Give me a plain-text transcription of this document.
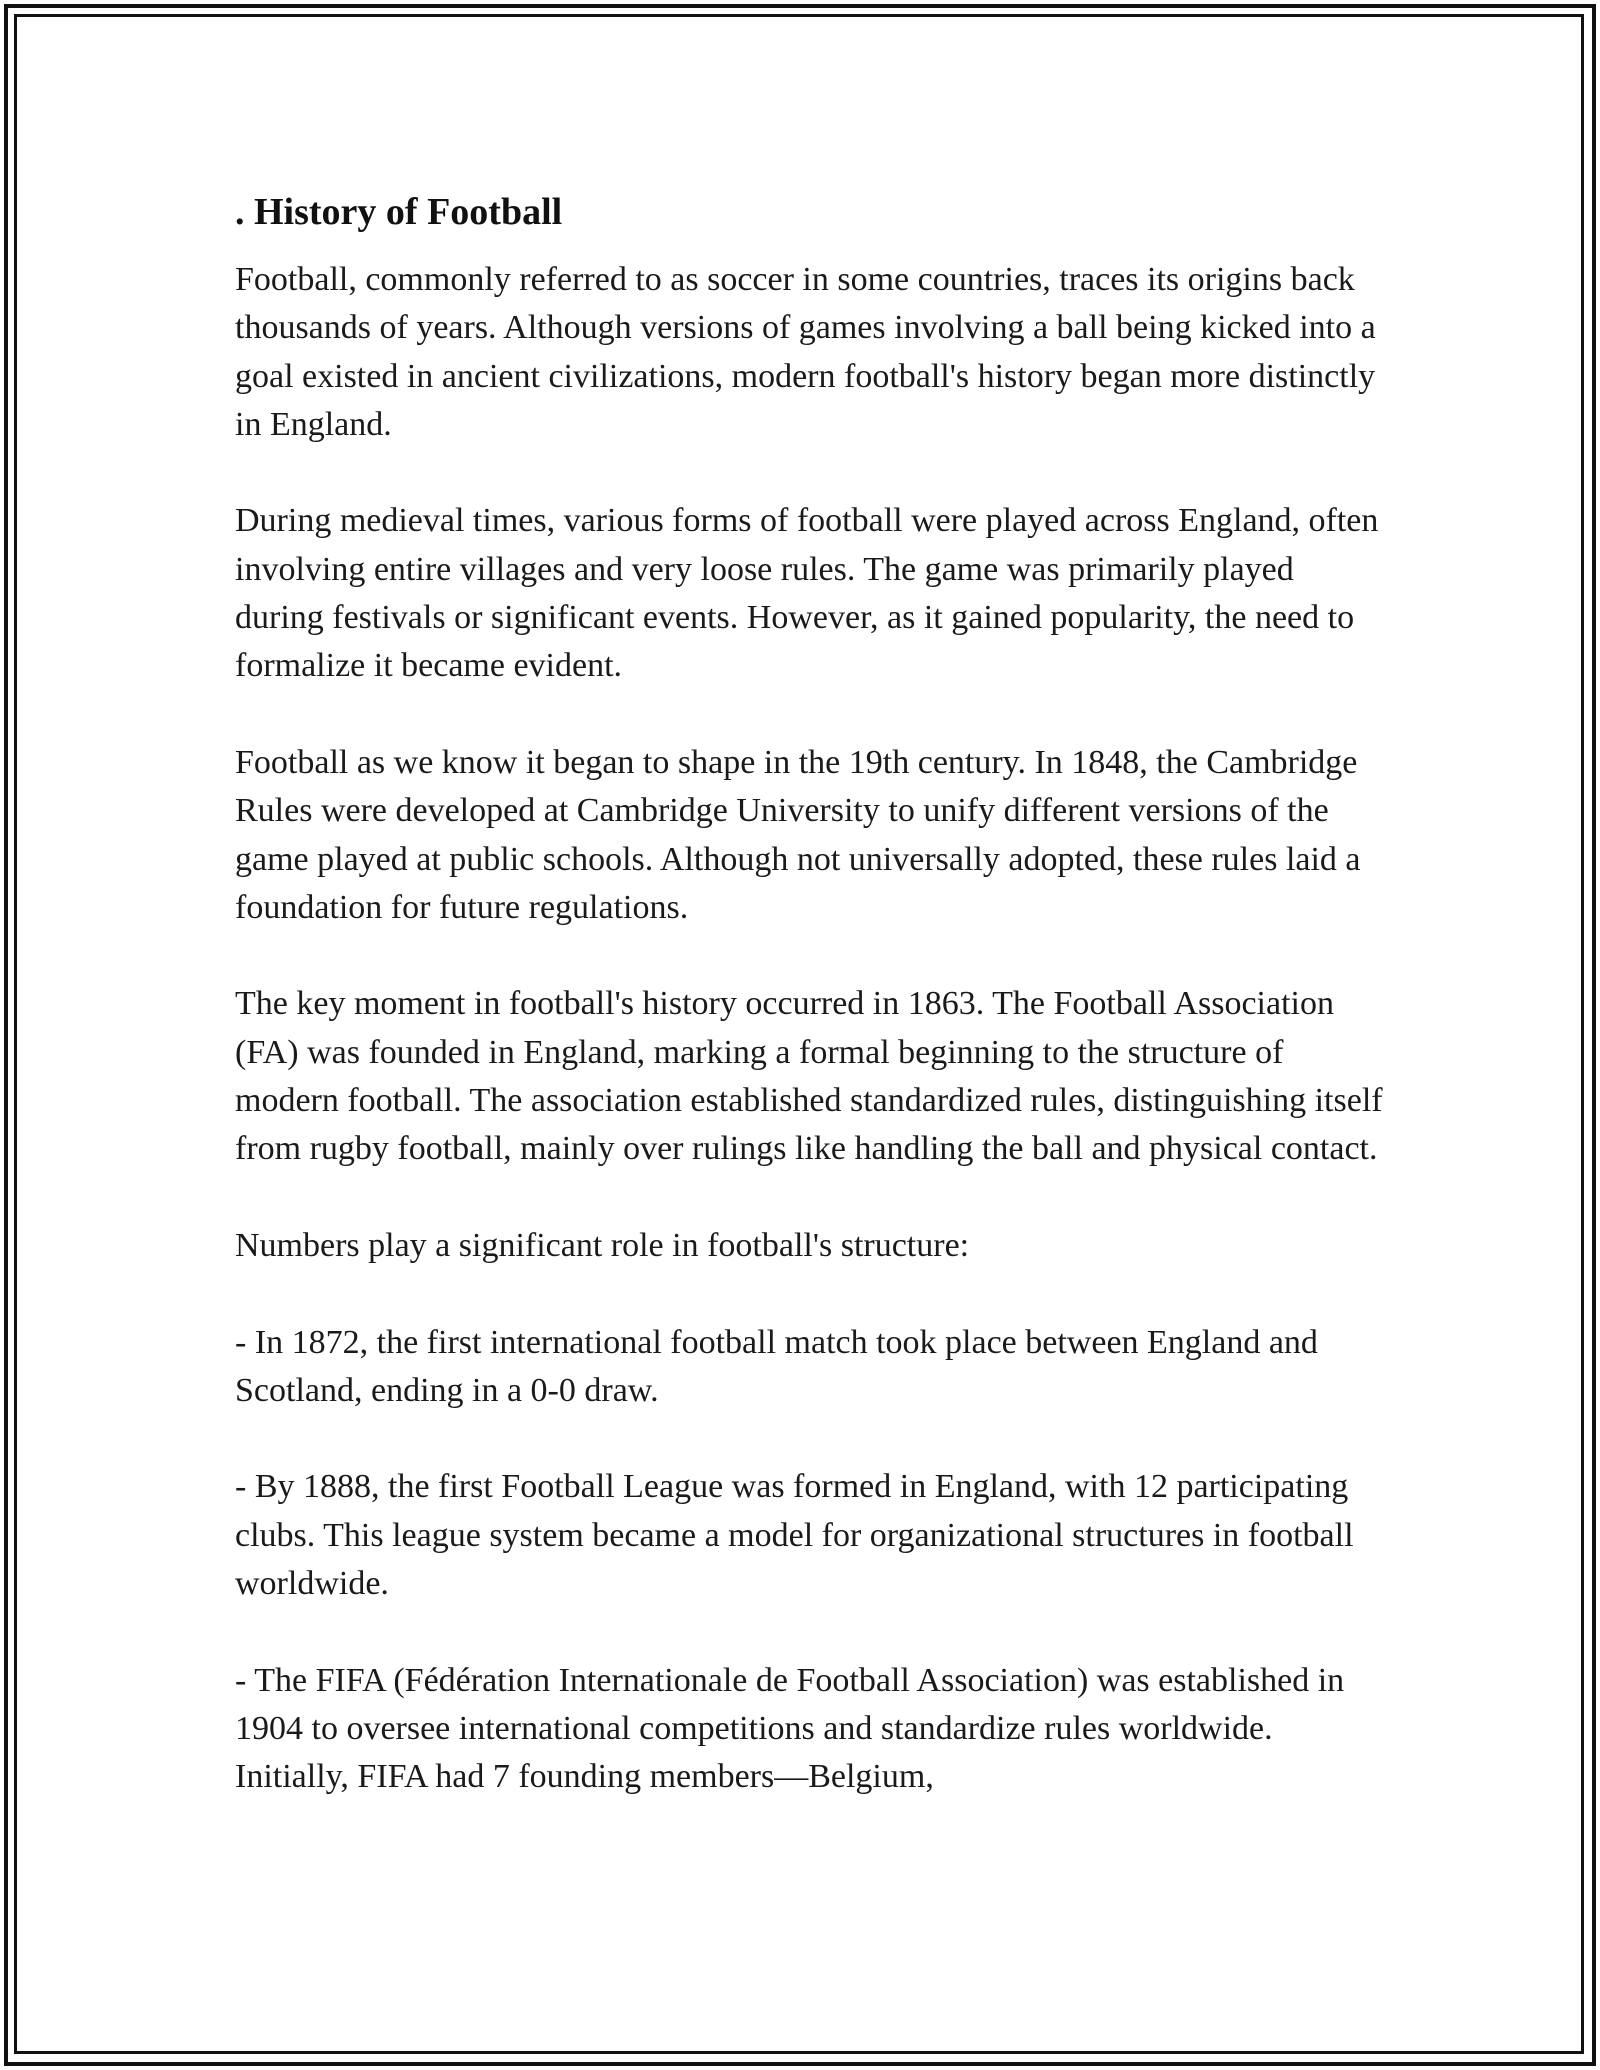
. History of Football

Football, commonly referred to as soccer in some countries, traces its origins back thousands of years. Although versions of games involving a ball being kicked into a goal existed in ancient civilizations, modern football's history began more distinctly in England.

During medieval times, various forms of football were played across England, often involving entire villages and very loose rules. The game was primarily played during festivals or significant events. However, as it gained popularity, the need to formalize it became evident.

Football as we know it began to shape in the 19th century. In 1848, the Cambridge Rules were developed at Cambridge University to unify different versions of the game played at public schools. Although not universally adopted, these rules laid a foundation for future regulations.

The key moment in football's history occurred in 1863. The Football Association (FA) was founded in England, marking a formal beginning to the structure of modern football. The association established standardized rules, distinguishing itself from rugby football, mainly over rulings like handling the ball and physical contact.

Numbers play a significant role in football's structure:

- In 1872, the first international football match took place between England and Scotland, ending in a 0-0 draw.

- By 1888, the first Football League was formed in England, with 12 participating clubs. This league system became a model for organizational structures in football worldwide.

- The FIFA (Fédération Internationale de Football Association) was established in 1904 to oversee international competitions and standardize rules worldwide. Initially, FIFA had 7 founding members—Belgium,
